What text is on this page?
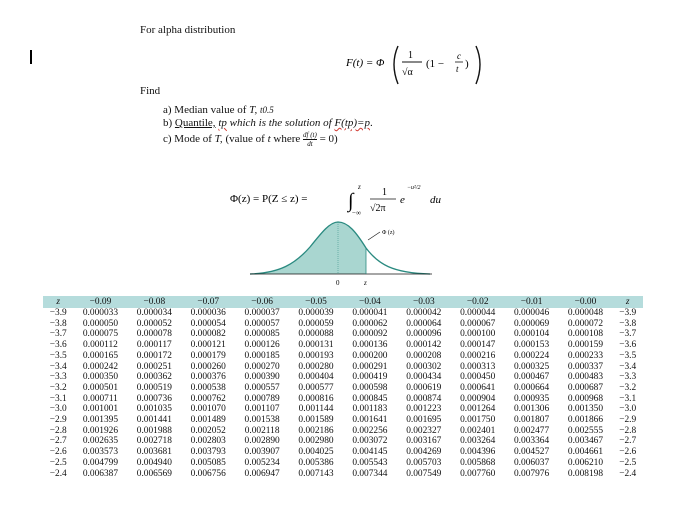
For alpha distribution
F(t) = Φ
1
√α
(1 −
c
t )
Find
a) Median value of T, t0.5
b) Quantile, tp which is the solution of F(tp)=p.
c) Mode of T, (value of t where $\frac{df (t)}{dt} = 0$)
Φ(z) = P(Z ≤ z) = ∫
z
−∞
1
√2π
e
−u²/2
du
Φ (z)
0	z
z	−0.09	−0.08	−0.07	−0.06	−0.05	−0.04	−0.03	−0.02	−0.01	−0.00	z
−3.9	0.000033	0.000034	0.000036	0.000037	0.000039	0.000041	0.000042	0.000044	0.000046	0.000048	−3.9
−3.8	0.000050	0.000052	0.000054	0.000057	0.000059	0.000062	0.000064	0.000067	0.000069	0.000072	−3.8
−3.7	0.000075	0.000078	0.000082	0.000085	0.000088	0.000092	0.000096	0.000100	0.000104	0.000108	−3.7
−3.6	0.000112	0.000117	0.000121	0.000126	0.000131	0.000136	0.000142	0.000147	0.000153	0.000159	−3.6
−3.5	0.000165	0.000172	0.000179	0.000185	0.000193	0.000200	0.000208	0.000216	0.000224	0.000233	−3.5
−3.4	0.000242	0.000251	0.000260	0.000270	0.000280	0.000291	0.000302	0.000313	0.000325	0.000337	−3.4
−3.3	0.000350	0.000362	0.000376	0.000390	0.000404	0.000419	0.000434	0.000450	0.000467	0.000483	−3.3
−3.2	0.000501	0.000519	0.000538	0.000557	0.000577	0.000598	0.000619	0.000641	0.000664	0.000687	−3.2
−3.1	0.000711	0.000736	0.000762	0.000789	0.000816	0.000845	0.000874	0.000904	0.000935	0.000968	−3.1
−3.0	0.001001	0.001035	0.001070	0.001107	0.001144	0.001183	0.001223	0.001264	0.001306	0.001350	−3.0
−2.9	0.001395	0.001441	0.001489	0.001538	0.001589	0.001641	0.001695	0.001750	0.001807	0.001866	−2.9
−2.8	0.001926	0.001988	0.002052	0.002118	0.002186	0.002256	0.002327	0.002401	0.002477	0.002555	−2.8
−2.7	0.002635	0.002718	0.002803	0.002890	0.002980	0.003072	0.003167	0.003264	0.003364	0.003467	−2.7
−2.6	0.003573	0.003681	0.003793	0.003907	0.004025	0.004145	0.004269	0.004396	0.004527	0.004661	−2.6
−2.5	0.004799	0.004940	0.005085	0.005234	0.005386	0.005543	0.005703	0.005868	0.006037	0.006210	−2.5
−2.4	0.006387	0.006569	0.006756	0.006947	0.007143	0.007344	0.007549	0.007760	0.007976	0.008198	−2.4
